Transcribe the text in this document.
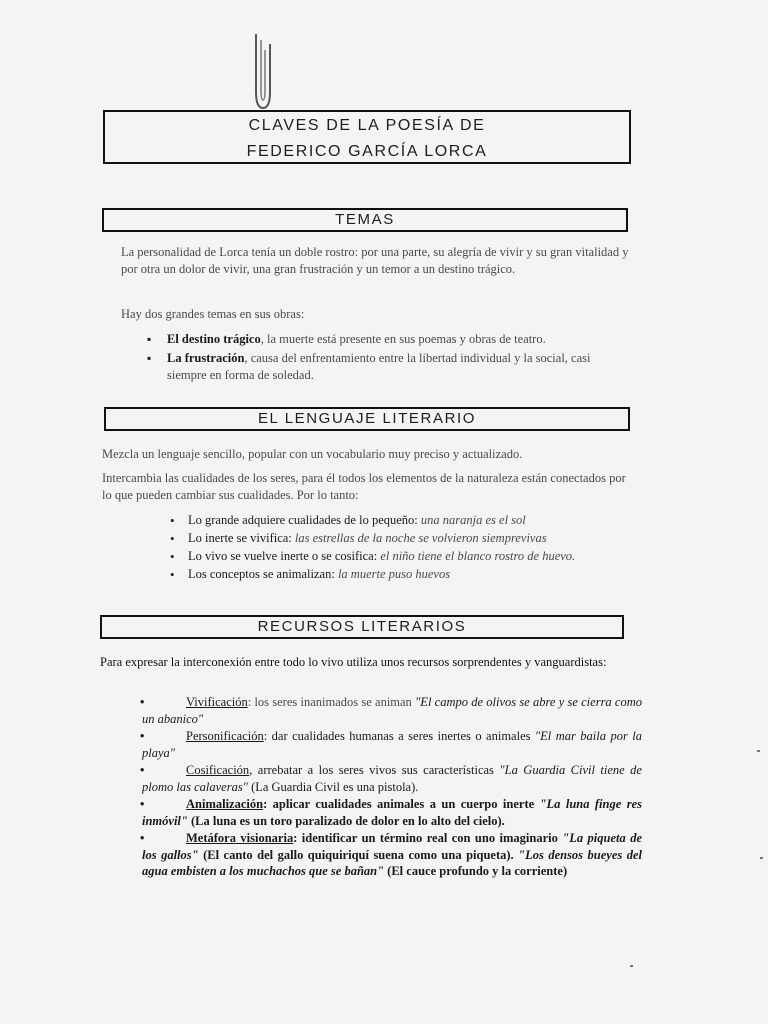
CLAVES DE LA POESÍA DE
FEDERICO GARCÍA LORCA
TEMAS

La personalidad de Lorca tenía un doble rostro: por una parte, su alegría de vivir y su gran vitalidad y por otra un dolor de vivir, una gran frustración y un temor a un destino trágico.

Hay dos grandes temas en sus obras:

▪ El destino trágico, la muerte está presente en sus poemas y obras de teatro.
▪ La frustración, causa del enfrentamiento entre la libertad individual y la social, casi siempre en forma de soledad.
EL LENGUAJE LITERARIO

Mezcla un lenguaje sencillo, popular con un vocabulario muy preciso y actualizado.

Intercambia las cualidades de los seres, para él todos los elementos de la naturaleza están conectados por lo que pueden cambiar sus cualidades. Por lo tanto:

• Lo grande adquiere cualidades de lo pequeño: una naranja es el sol
• Lo inerte se vivifica: las estrellas de la noche se volvieron siemprevivas
• Lo vivo se vuelve inerte o se cosifica: el niño tiene el blanco rostro de huevo.
• Los conceptos se animalizan: la muerte puso huevos
RECURSOS LITERARIOS

Para expresar la interconexión entre todo lo vivo utiliza unos recursos sorprendentes y vanguardistas:

•	Vivificación: los seres inanimados se animan "El campo de olivos se abre y se cierra como un abanico"
•	Personificación: dar cualidades humanas a seres inertes o animales "El mar baila por la playa"
•	Cosificación, arrebatar a los seres vivos sus características "La Guardia Civil tiene de plomo las calaveras" (La Guardia Civil es una pistola).
•	Animalización: aplicar cualidades animales a un cuerpo inerte "La luna finge res inmóvil" (La luna es un toro paralizado de dolor en lo alto del cielo).
•	Metáfora visionaria: identificar un término real con uno imaginario "La piqueta de los gallos" (El canto del gallo quiquiriquí suena como una piqueta). "Los densos bueyes del agua embisten a los muchachos que se bañan" (El cauce profundo y la corriente)
